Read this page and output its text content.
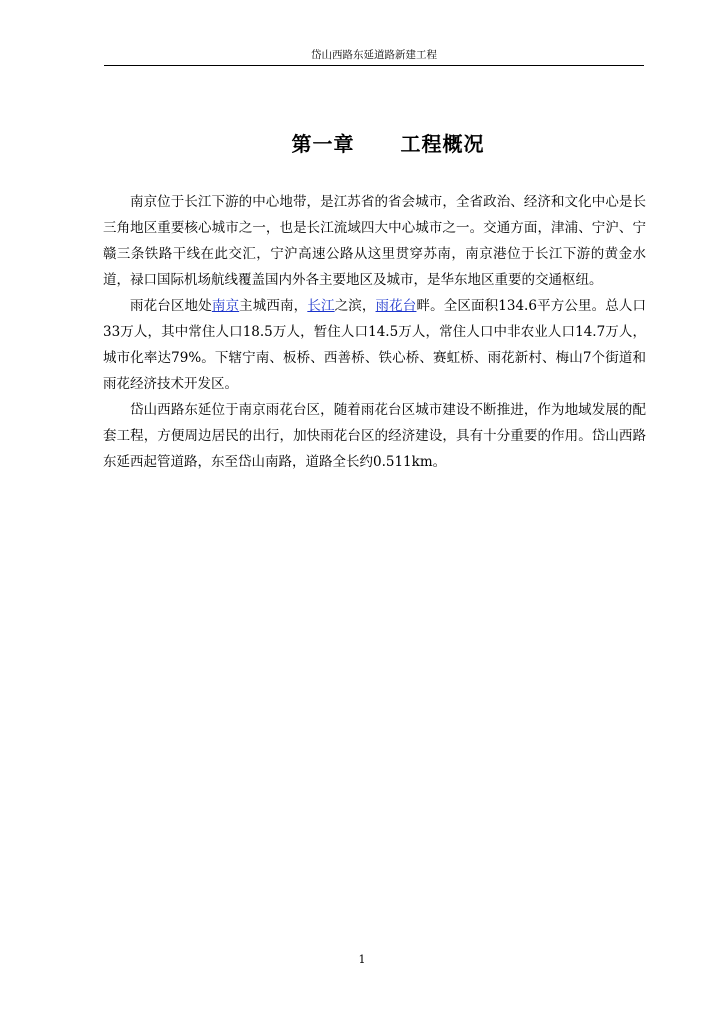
岱山西路东延道路新建工程
第一章 工程概况

南京位于长江下游的中心地带，是江苏省的省会城市，全省政治、经济和文化中心是长三角地区重要核心城市之一，也是长江流域四大中心城市之一。交通方面，津浦、宁沪、宁赣三条铁路干线在此交汇，宁沪高速公路从这里贯穿苏南，南京港位于长江下游的黄金水道，禄口国际机场航线覆盖国内外各主要地区及城市，是华东地区重要的交通枢纽。

雨花台区地处南京主城西南，长江之滨，雨花台畔。全区面积134.6平方公里。总人口33万人，其中常住人口18.5万人，暂住人口14.5万人，常住人口中非农业人口14.7万人，城市化率达79%。下辖宁南、板桥、西善桥、铁心桥、赛虹桥、雨花新村、梅山7个街道和雨花经济技术开发区。

岱山西路东延位于南京雨花台区，随着雨花台区城市建设不断推进，作为地域发展的配套工程，方便周边居民的出行，加快雨花台区的经济建设，具有十分重要的作用。岱山西路东延西起管道路，东至岱山南路，道路全长约0.511km。

1
